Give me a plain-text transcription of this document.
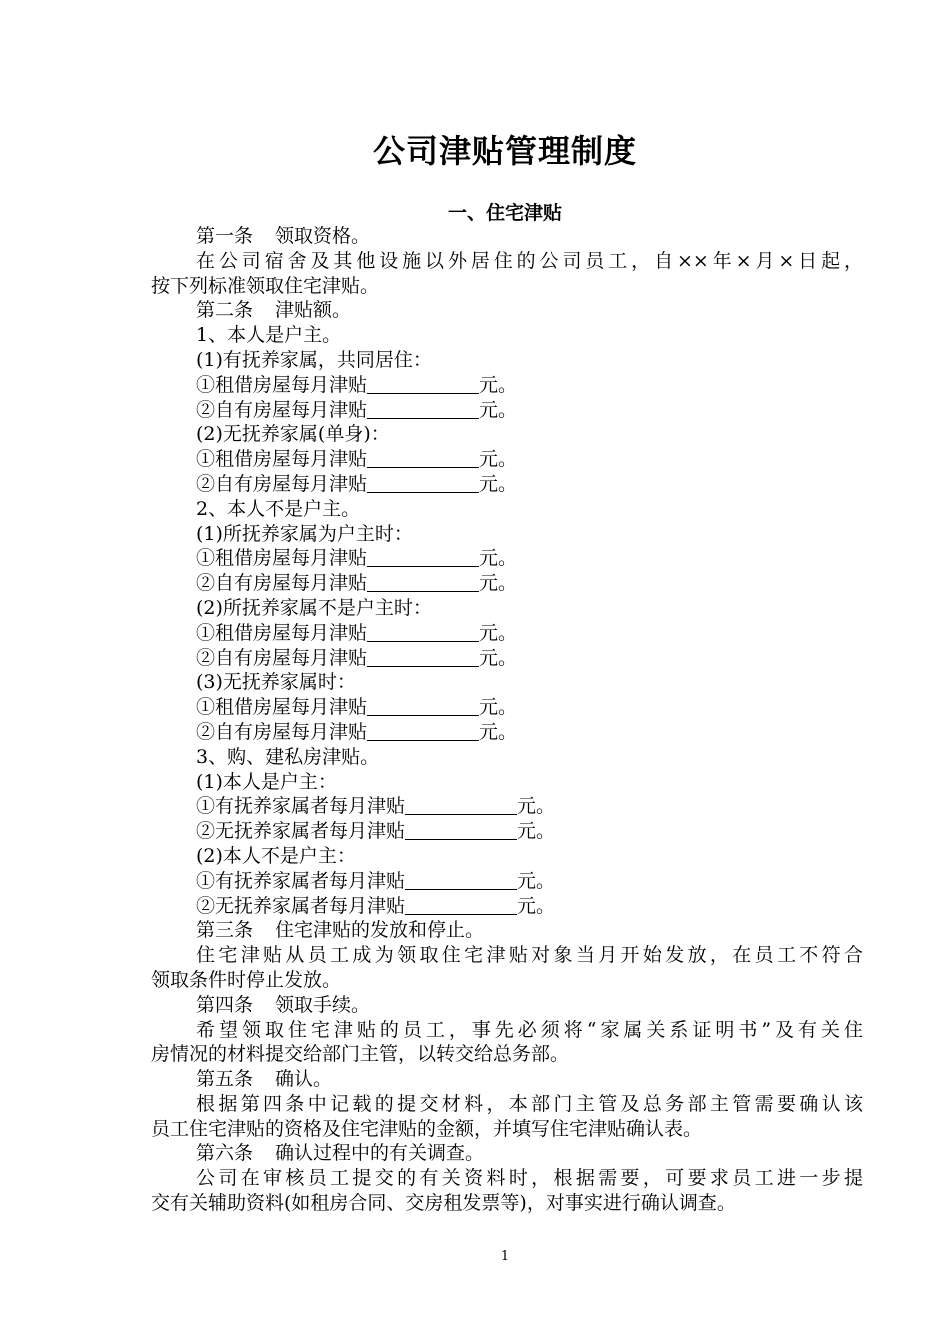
公司津贴管理制度
一、住宅津贴
第一条 领取资格。
在公司宿舍及其他设施以外居住的公司员工，自××年×月×日起，
按下列标准领取住宅津贴。
第二条 津贴额。
1、本人是户主。
(1)有抚养家属，共同居住：
①租借房屋每月津贴	元。
②自有房屋每月津贴	元。
(2)无抚养家属(单身)：
①租借房屋每月津贴	元。
②自有房屋每月津贴	元。
2、本人不是户主。
(1)所抚养家属为户主时：
①租借房屋每月津贴	元。
②自有房屋每月津贴	元。
(2)所抚养家属不是户主时：
①租借房屋每月津贴	元。
②自有房屋每月津贴	元。
(3)无抚养家属时：
①租借房屋每月津贴	元。
②自有房屋每月津贴	元。
3、购、建私房津贴。
(1)本人是户主：
①有抚养家属者每月津贴	元。
②无抚养家属者每月津贴	元。
(2)本人不是户主：
①有抚养家属者每月津贴	元。
②无抚养家属者每月津贴	元。
第三条 住宅津贴的发放和停止。
住宅津贴从员工成为领取住宅津贴对象当月开始发放，在员工不符合
领取条件时停止发放。
第四条 领取手续。
希望领取住宅津贴的员工，事先必须将“家属关系证明书”及有关住
房情况的材料提交给部门主管，以转交给总务部。
第五条 确认。
根据第四条中记载的提交材料，本部门主管及总务部主管需要确认该
员工住宅津贴的资格及住宅津贴的金额，并填写住宅津贴确认表。
第六条 确认过程中的有关调查。
公司在审核员工提交的有关资料时，根据需要，可要求员工进一步提
交有关辅助资料(如租房合同、交房租发票等)，对事实进行确认调查。
1
